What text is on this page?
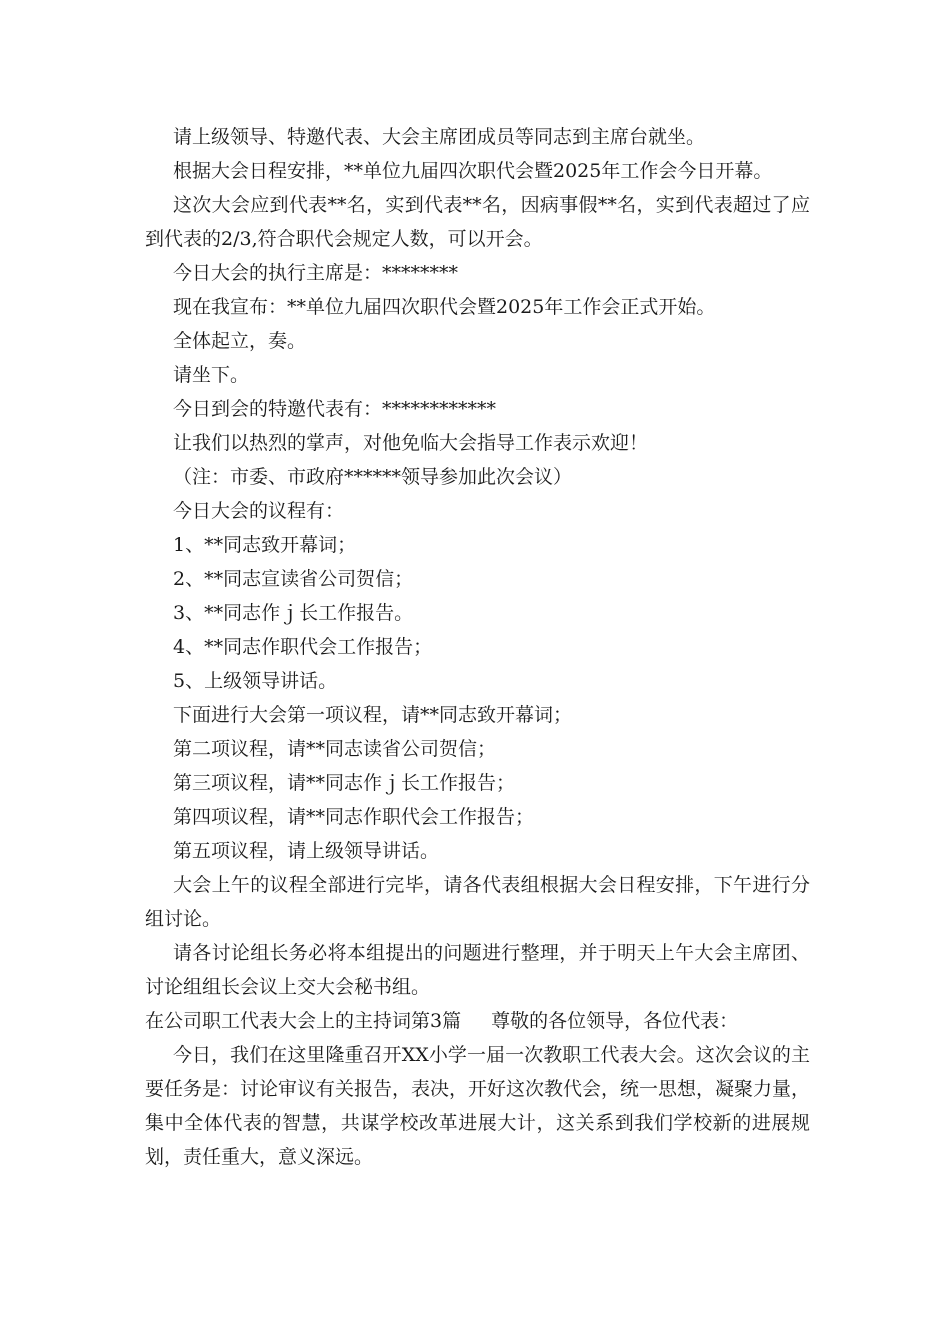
请上级领导、特邀代表、大会主席团成员等同志到主席台就坐。

根据大会日程安排，**单位九届四次职代会暨2025年工作会今日开幕。

这次大会应到代表**名，实到代表**名，因病事假**名，实到代表超过了应到代表的2/3,符合职代会规定人数，可以开会。

今日大会的执行主席是：********

现在我宣布：**单位九届四次职代会暨2025年工作会正式开始。

全体起立，奏。

请坐下。

今日到会的特邀代表有：************

让我们以热烈的掌声，对他免临大会指导工作表示欢迎！

（注：市委、市政府******领导参加此次会议）

今日大会的议程有：

1、**同志致开幕词；

2、**同志宣读省公司贺信；

3、**同志作ｊ长工作报告。

4、**同志作职代会工作报告；

5、上级领导讲话。

下面进行大会第一项议程，请**同志致开幕词；

第二项议程，请**同志读省公司贺信；

第三项议程，请**同志作ｊ长工作报告；

第四项议程，请**同志作职代会工作报告；

第五项议程，请上级领导讲话。

大会上午的议程全部进行完毕，请各代表组根据大会日程安排，下午进行分组讨论。

请各讨论组长务必将本组提出的问题进行整理，并于明天上午大会主席团、讨论组组长会议上交大会秘书组。

在公司职工代表大会上的主持词第3篇 尊敬的各位领导，各位代表：

今日，我们在这里隆重召开XX小学一届一次教职工代表大会。这次会议的主要任务是：讨论审议有关报告，表决，开好这次教代会，统一思想，凝聚力量，集中全体代表的智慧，共谋学校改革进展大计，这关系到我们学校新的进展规划，责任重大，意义深远。
